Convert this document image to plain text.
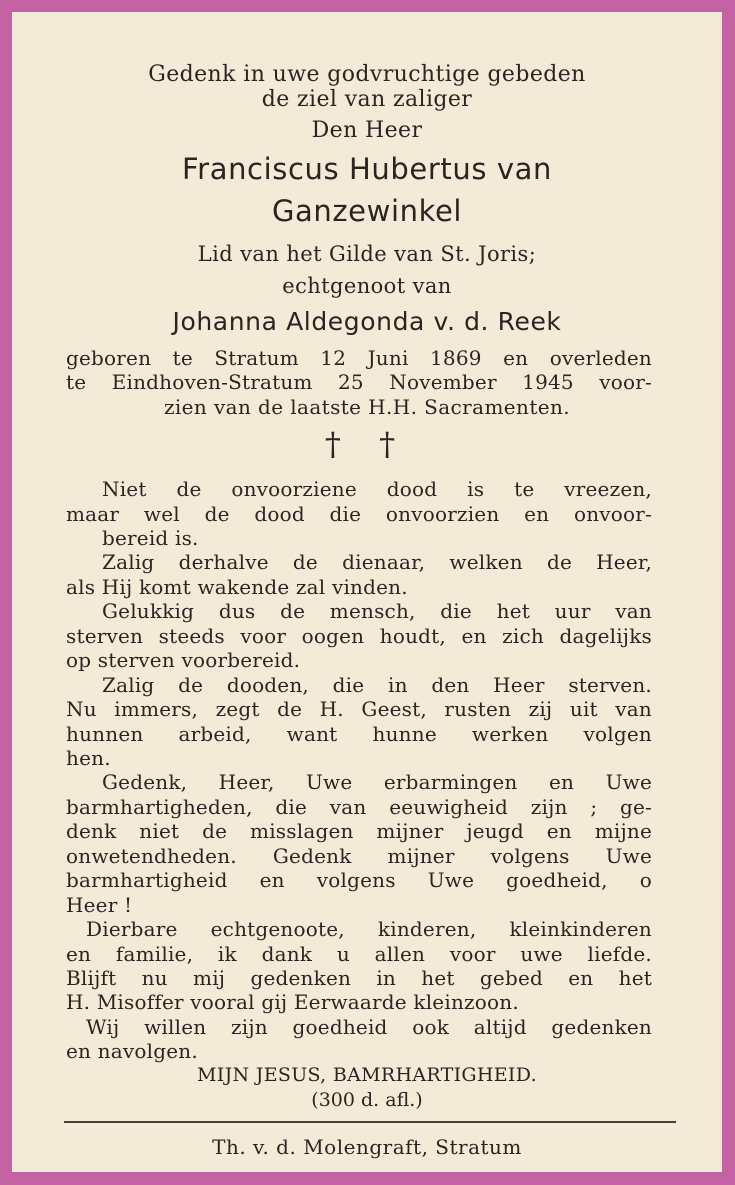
Gedenk in uwe godvruchtige gebeden
de ziel van zaliger
Den Heer
Franciscus Hubertus van
Ganzewinkel
Lid van het Gilde van St. Joris;
echtgenoot van
Johanna Aldegonda v. d. Reek
geboren te Stratum 12 Juni 1869 en overleden
te Eindhoven-Stratum 25 November 1945 voor-
zien van de laatste H.H. Sacramenten.
† †
Niet de onvoorziene dood is te vreezen,
maar wel de dood die onvoorzien en onvoor-
bereid is.
Zalig derhalve de dienaar, welken de Heer,
als Hij komt wakende zal vinden.
Gelukkig dus de mensch, die het uur van
sterven steeds voor oogen houdt, en zich dagelijks
op sterven voorbereid.
Zalig de dooden, die in den Heer sterven.
Nu immers, zegt de H. Geest, rusten zij uit van
hunnen arbeid, want hunne werken volgen
hen.
Gedenk, Heer, Uwe erbarmingen en Uwe
barmhartigheden, die van eeuwigheid zijn ; ge-
denk niet de misslagen mijner jeugd en mijne
onwetendheden. Gedenk mijner volgens Uwe
barmhartigheid en volgens Uwe goedheid, o
Heer !
Dierbare echtgenoote, kinderen, kleinkinderen
en familie, ik dank u allen voor uwe liefde.
Blijft nu mij gedenken in het gebed en het
H. Misoffer vooral gij Eerwaarde kleinzoon.
Wij willen zijn goedheid ook altijd gedenken
en navolgen.
MIJN JESUS, BAMRHARTIGHEID.
(300 d. afl.)
Th. v. d. Molengraft, Stratum
